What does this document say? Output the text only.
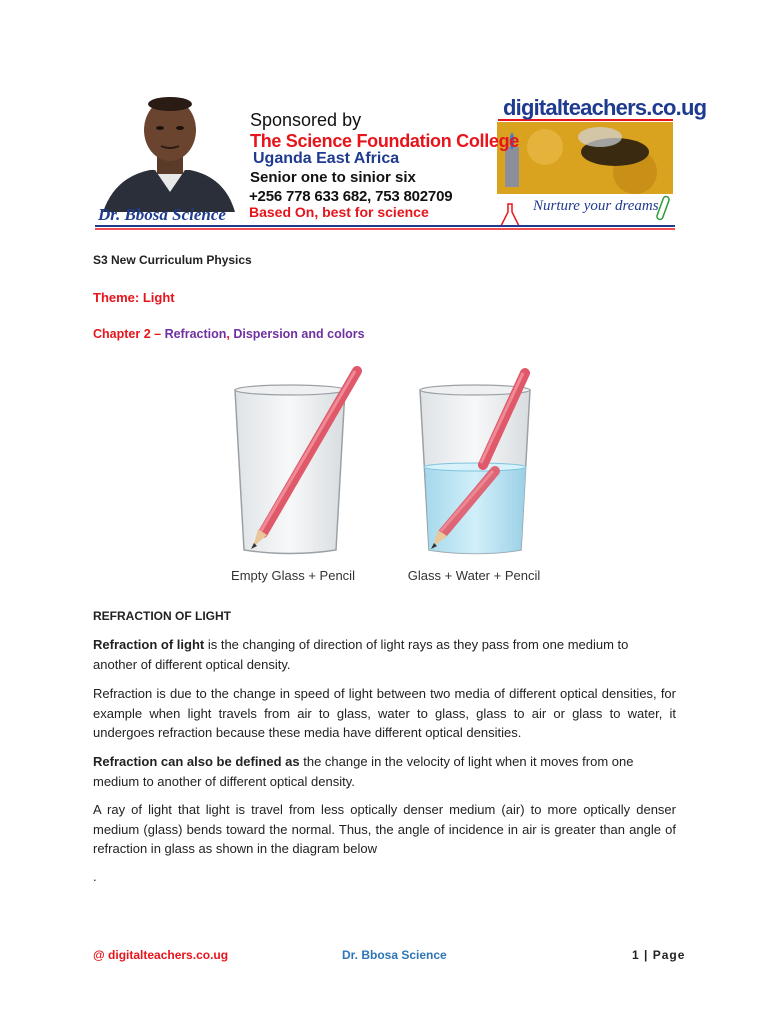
Sponsored by
The Science Foundation College
Uganda East Africa
Senior one to sinior six
+256 778 633 682, 753 802709
Based On, best for science
Dr. Bbosa Science
digitalteachers.co.ug
Nurture your dreams
S3 New Curriculum Physics
Theme: Light
Chapter 2 – Refraction, Dispersion and colors
Empty Glass + Pencil	Glass + Water + Pencil
REFRACTION OF LIGHT
Refraction of light is the changing of direction of light rays as they pass from one medium to another of different optical density.
Refraction is due to the change in speed of light between two media of different optical densities, for example when light travels from air to glass, water to glass, glass to air or glass to water, it undergoes refraction because these media have different optical densities.
Refraction can also be defined as the change in the velocity of light when it moves from one medium to another of different optical density.
A ray of light that light is travel from less optically denser medium (air) to more optically denser medium (glass) bends toward the normal. Thus, the angle of incidence in air is greater than angle of refraction in glass as shown in the diagram below
.
@ digitalteachers.co.ug	Dr. Bbosa Science	1 | Page
